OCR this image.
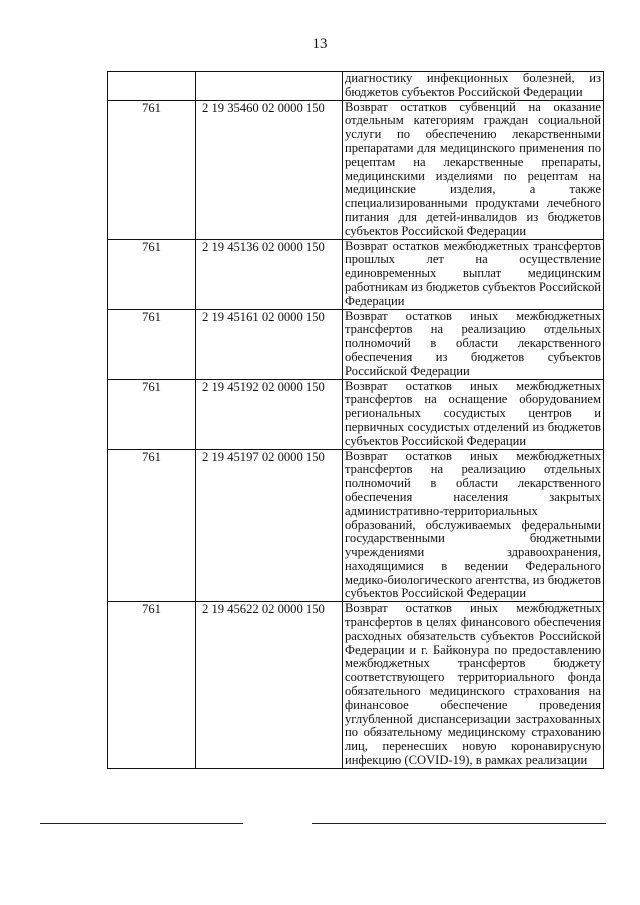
13
		диагностику инфекционных болезней, из бюджетов субъектов Российской Федерации
761	2 19 35460 02 0000 150	Возврат остатков субвенций на оказание отдельным категориям граждан социальной услуги по обеспечению лекарственными препаратами для медицинского применения по рецептам на лекарственные препараты, медицинскими изделиями по рецептам на медицинские изделия, а также специализированными продуктами лечебного питания для детей-инвалидов из бюджетов субъектов Российской Федерации
761	2 19 45136 02 0000 150	Возврат остатков межбюджетных трансфертов прошлых лет на осуществление единовременных выплат медицинским работникам из бюджетов субъектов Российской Федерации
761	2 19 45161 02 0000 150	Возврат остатков иных межбюджетных трансфертов на реализацию отдельных полномочий в области лекарственного обеспечения из бюджетов субъектов Российской Федерации
761	2 19 45192 02 0000 150	Возврат остатков иных межбюджетных трансфертов на оснащение оборудованием региональных сосудистых центров и первичных сосудистых отделений из бюджетов субъектов Российской Федерации
761	2 19 45197 02 0000 150	Возврат остатков иных межбюджетных трансфертов на реализацию отдельных полномочий в области лекарственного обеспечения населения закрытых административно-территориальных образований, обслуживаемых федеральными государственными бюджетными учреждениями здравоохранения, находящимися в ведении Федерального медико-биологического агентства, из бюджетов субъектов Российской Федерации
761	2 19 45622 02 0000 150	Возврат остатков иных межбюджетных трансфертов в целях финансового обеспечения расходных обязательств субъектов Российской Федерации и г. Байконура по предоставлению межбюджетных трансфертов бюджету соответствующего территориального фонда обязательного медицинского страхования на финансовое обеспечение проведения углубленной диспансеризации застрахованных по обязательному медицинскому страхованию лиц, перенесших новую коронавирусную инфекцию (COVID-19), в рамках реализации
